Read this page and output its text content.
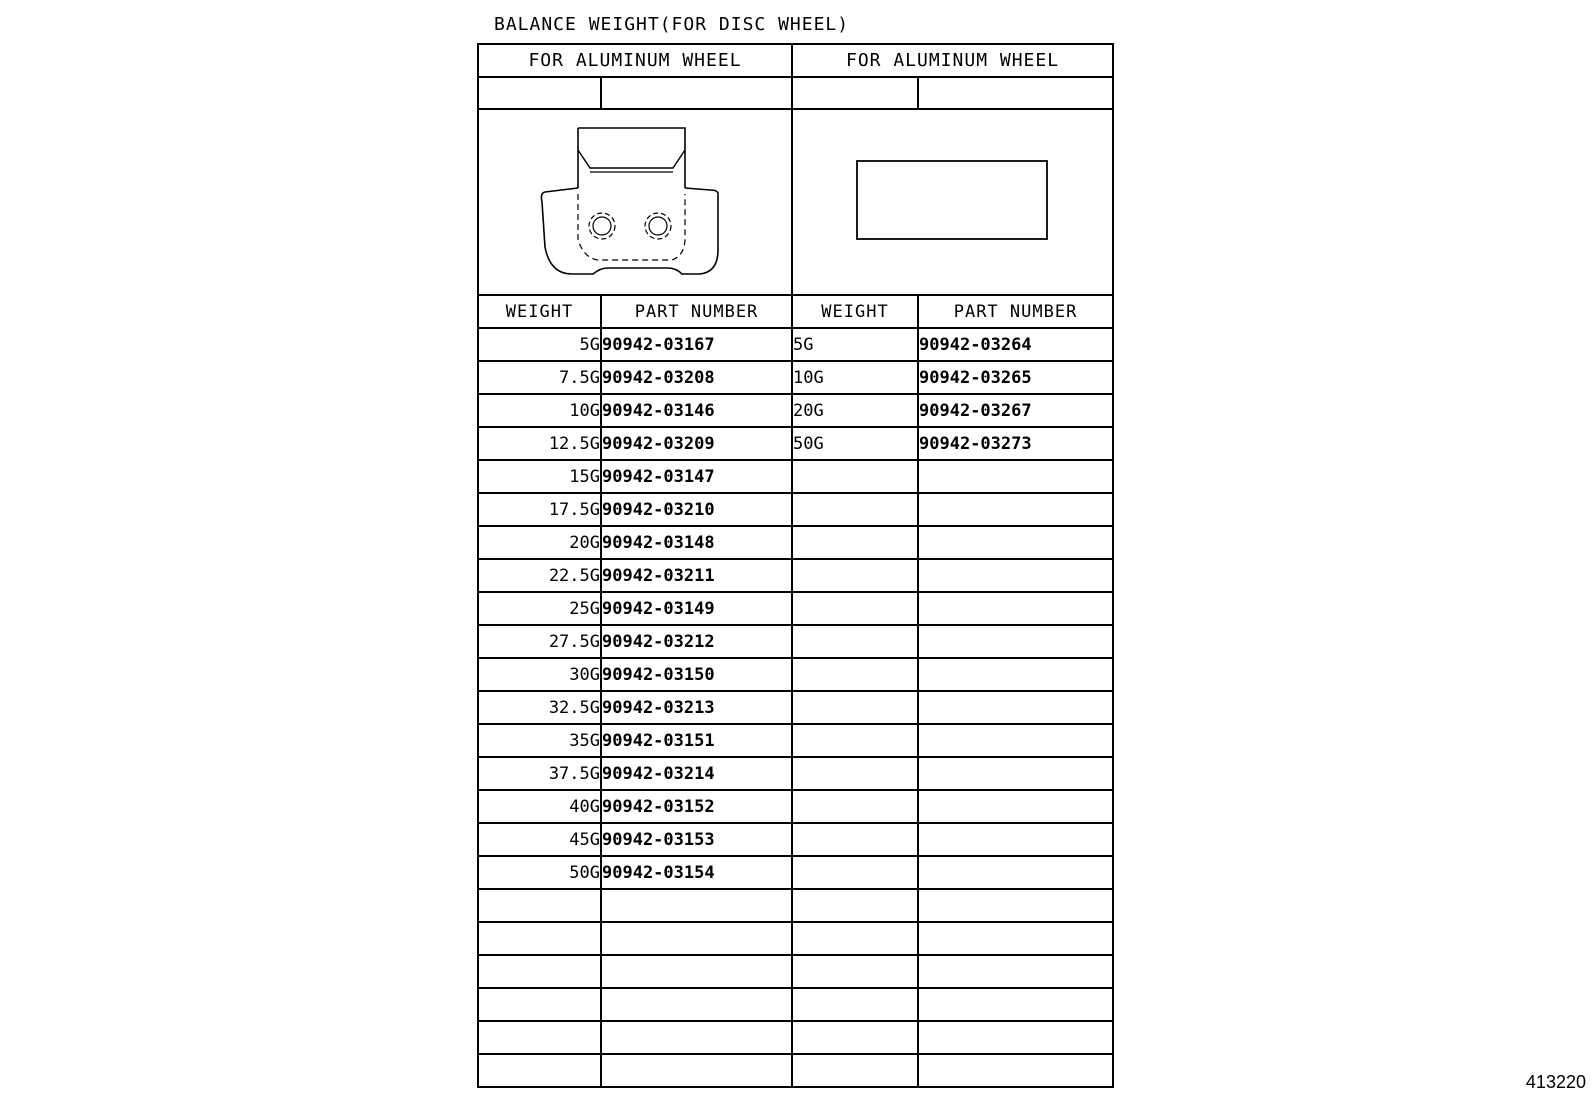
BALANCE WEIGHT(FOR DISC WHEEL)
FOR ALUMINUM WHEEL		FOR ALUMINUM WHEEL	

WEIGHT	PART NUMBER	WEIGHT	PART NUMBER
5G	90942-03167	5G	90942-03264
7.5G	90942-03208	10G	90942-03265
10G	90942-03146	20G	90942-03267
12.5G	90942-03209	50G	90942-03273
15G	90942-03147		
17.5G	90942-03210		
20G	90942-03148		
22.5G	90942-03211		
25G	90942-03149		
27.5G	90942-03212		
30G	90942-03150		
32.5G	90942-03213		
35G	90942-03151		
37.5G	90942-03214		
40G	90942-03152		
45G	90942-03153		
50G	90942-03154		

413220
